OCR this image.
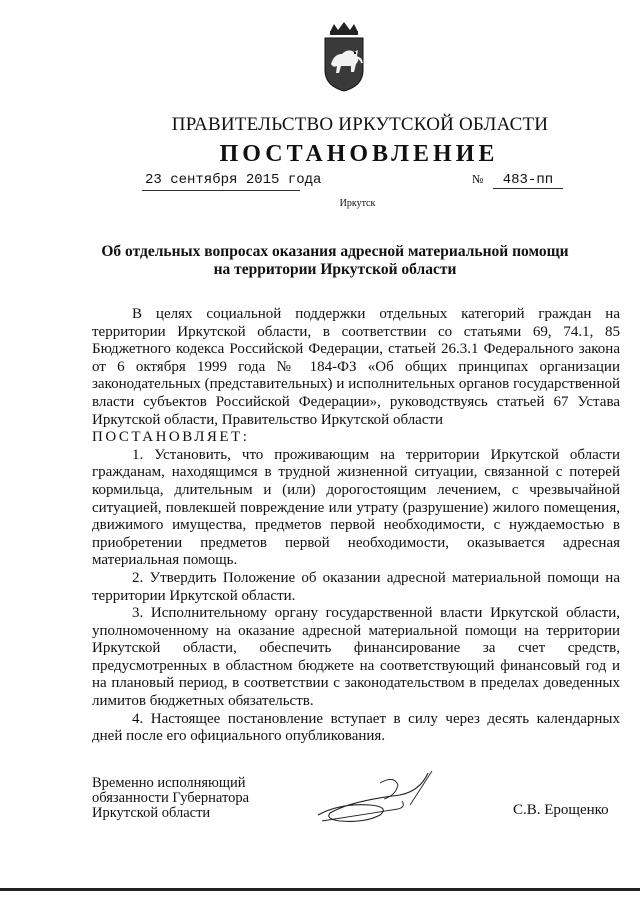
ПРАВИТЕЛЬСТВО ИРКУТСКОЙ ОБЛАСТИ
ПОСТАНОВЛЕНИЕ
23 сентября 2015 года	№ 483-пп
Иркутск
Об отдельных вопросах оказания адресной материальной помощи
на территории Иркутской области

В целях социальной поддержки отдельных категорий граждан на территории Иркутской области, в соответствии со статьями 69, 74.1, 85 Бюджетного кодекса Российской Федерации, статьей 26.3.1 Федерального закона от 6 октября 1999 года № 184-ФЗ «Об общих принципах организации законодательных (представительных) и исполнительных органов государственной власти субъектов Российской Федерации», руководствуясь статьей 67 Устава Иркутской области, Правительство Иркутской области

ПОСТАНОВЛЯЕТ:

1. Установить, что проживающим на территории Иркутской области гражданам, находящимся в трудной жизненной ситуации, связанной с потерей кормильца, длительным и (или) дорогостоящим лечением, с чрезвычайной ситуацией, повлекшей повреждение или утрату (разрушение) жилого помещения, движимого имущества, предметов первой необходимости, с нуждаемостью в приобретении предметов первой необходимости, оказывается адресная материальная помощь.

2. Утвердить Положение об оказании адресной материальной помощи на территории Иркутской области.

3. Исполнительному органу государственной власти Иркутской области, уполномоченному на оказание адресной материальной помощи на территории Иркутской области, обеспечить финансирование за счет средств, предусмотренных в областном бюджете на соответствующий финансовый год и на плановый период, в соответствии с законодательством в пределах доведенных лимитов бюджетных обязательств.

4. Настоящее постановление вступает в силу через десять календарных дней после его официального опубликования.

Временно исполняющий
обязанности Губернатора
Иркутской области	С.В. Ерощенко
